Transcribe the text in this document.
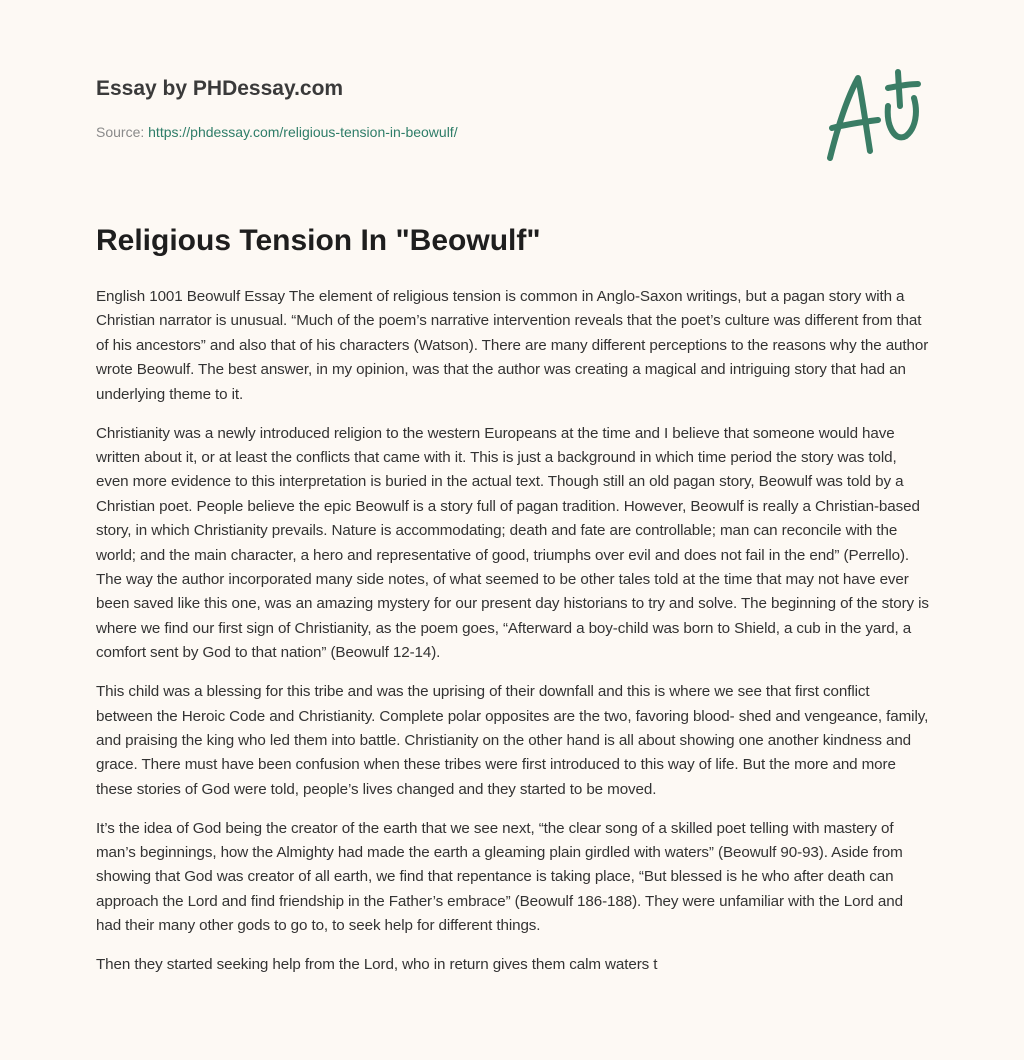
Essay by PHDessay.com
Source: https://phdessay.com/religious-tension-in-beowulf/
Religious Tension In "Beowulf"

English 1001 Beowulf Essay The element of religious tension is common in Anglo-Saxon writings, but a pagan story with a Christian narrator is unusual. “Much of the poem’s narrative intervention reveals that the poet’s culture was different from that of his ancestors” and also that of his characters (Watson). There are many different perceptions to the reasons why the author wrote Beowulf. The best answer, in my opinion, was that the author was creating a magical and intriguing story that had an underlying theme to it.

Christianity was a newly introduced religion to the western Europeans at the time and I believe that someone would have written about it, or at least the conflicts that came with it. This is just a background in which time period the story was told, even more evidence to this interpretation is buried in the actual text. Though still an old pagan story, Beowulf was told by a Christian poet. People believe the epic Beowulf is a story full of pagan tradition. However, Beowulf is really a Christian-based story, in which Christianity prevails. Nature is accommodating; death and fate are controllable; man can reconcile with the world; and the main character, a hero and representative of good, triumphs over evil and does not fail in the end” (Perrello). The way the author incorporated many side notes, of what seemed to be other tales told at the time that may not have ever been saved like this one, was an amazing mystery for our present day historians to try and solve. The beginning of the story is where we find our first sign of Christianity, as the poem goes, “Afterward a boy-child was born to Shield, a cub in the yard, a comfort sent by God to that nation” (Beowulf 12-14).

This child was a blessing for this tribe and was the uprising of their downfall and this is where we see that first conflict between the Heroic Code and Christianity. Complete polar opposites are the two, favoring blood- shed and vengeance, family, and praising the king who led them into battle. Christianity on the other hand is all about showing one another kindness and grace. There must have been confusion when these tribes were first introduced to this way of life. But the more and more these stories of God were told, people’s lives changed and they started to be moved.

It’s the idea of God being the creator of the earth that we see next, “the clear song of a skilled poet telling with mastery of man’s beginnings, how the Almighty had made the earth a gleaming plain girdled with waters” (Beowulf 90-93). Aside from showing that God was creator of all earth, we find that repentance is taking place, “But blessed is he who after death can approach the Lord and find friendship in the Father’s embrace” (Beowulf 186-188). They were unfamiliar with the Lord and had their many other gods to go to, to seek help for different things.

Then they started seeking help from the Lord, who in return gives them calm waters t
